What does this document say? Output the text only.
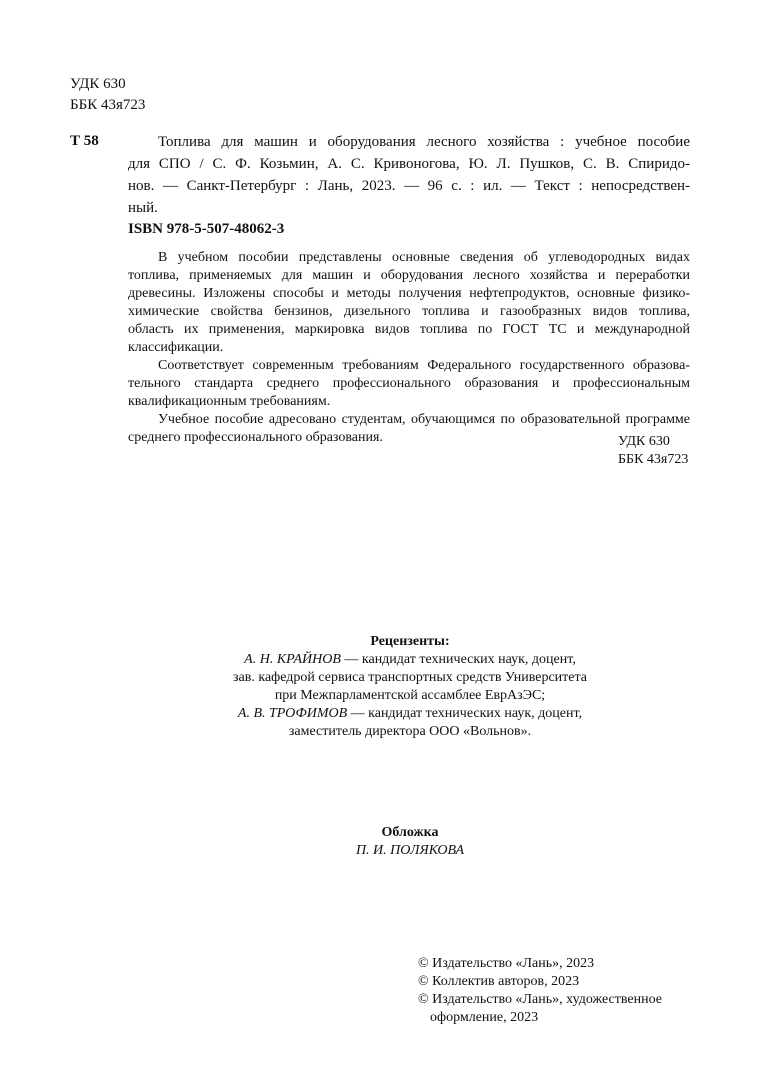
УДК 630
ББК 43я723
Т 58	Топлива для машин и оборудования лесного хозяйства : учебное пособие
для СПО / С. Ф. Козьмин, А. С. Кривоногова, Ю. Л. Пушков, С. В. Спиридо-
нов. — Санкт-Петербург : Лань, 2023. — 96 с. : ил. — Текст : непосредствен-
ный.
ISBN 978-5-507-48062-3
В учебном пособии представлены основные сведения об углеводородных видах
топлива, применяемых для машин и оборудования лесного хозяйства и переработки
древесины. Изложены способы и методы получения нефтепродуктов, основные физико-
химические свойства бензинов, дизельного топлива и газообразных видов топлива,
область их применения, маркировка видов топлива по ГОСТ ТС и международной
классификации.
Соответствует современным требованиям Федерального государственного образова-
тельного стандарта среднего профессионального образования и профессиональным
квалификационным требованиям.
Учебное пособие адресовано студентам, обучающимся по образовательной программе
среднего профессионального образования.	УДК 630
ББК 43я723
Рецензенты:
А. Н. КРАЙНОВ — кандидат технических наук, доцент,
зав. кафедрой сервиса транспортных средств Университета
при Межпарламентской ассамблее ЕврАзЭС;
А. В. ТРОФИМОВ — кандидат технических наук, доцент,
заместитель директора ООО «Вольнов».
Обложка
П. И. ПОЛЯКОВА
© Издательство «Лань», 2023
© Коллектив авторов, 2023
© Издательство «Лань», художественное
оформление, 2023
